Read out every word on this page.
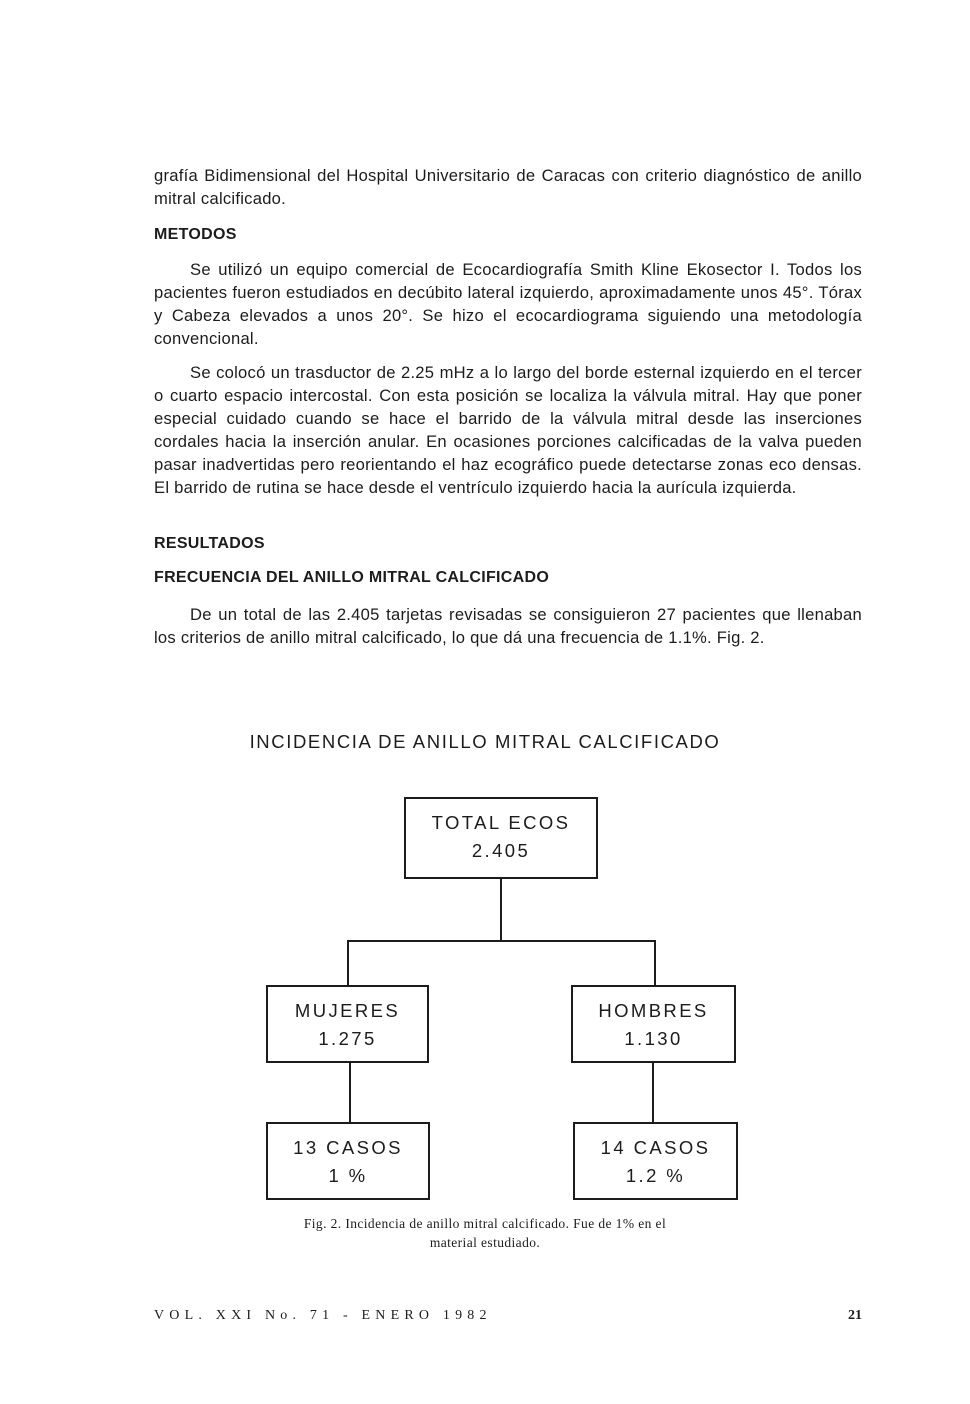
grafía Bidimensional del Hospital Universitario de Caracas con criterio diagnóstico de anillo mitral calcificado.

METODOS

Se utilizó un equipo comercial de Ecocardiografía Smith Kline Ekosector I. Todos los pacientes fueron estudiados en decúbito lateral izquierdo, aproximadamente unos 45°. Tórax y Cabeza elevados a unos 20°. Se hizo el ecocardiograma siguiendo una metodología convencional.

Se colocó un trasductor de 2.25 mHz a lo largo del borde esternal izquierdo en el tercer o cuarto espacio intercostal. Con esta posición se localiza la válvula mitral. Hay que poner especial cuidado cuando se hace el barrido de la válvula mitral desde las inserciones cordales hacia la inserción anular. En ocasiones porciones calcificadas de la valva pueden pasar inadvertidas pero reorientando el haz ecográfico puede detectarse zonas eco densas. El barrido de rutina se hace desde el ventrículo izquierdo hacia la aurícula izquierda.

RESULTADOS
FRECUENCIA DEL ANILLO MITRAL CALCIFICADO

De un total de las 2.405 tarjetas revisadas se consiguieron 27 pacientes que llenaban los criterios de anillo mitral calcificado, lo que dá una frecuencia de 1.1%. Fig. 2.

INCIDENCIA DE ANILLO MITRAL CALCIFICADO

TOTAL ECOS
2.405
MUJERES
1.275
HOMBRES
1.130
13 CASOS
1 %
14 CASOS
1.2 %

Fig. 2. Incidencia de anillo mitral calcificado. Fue de 1% en el
material estudiado.

VOL. XXI No. 71 - ENERO 1982	21
